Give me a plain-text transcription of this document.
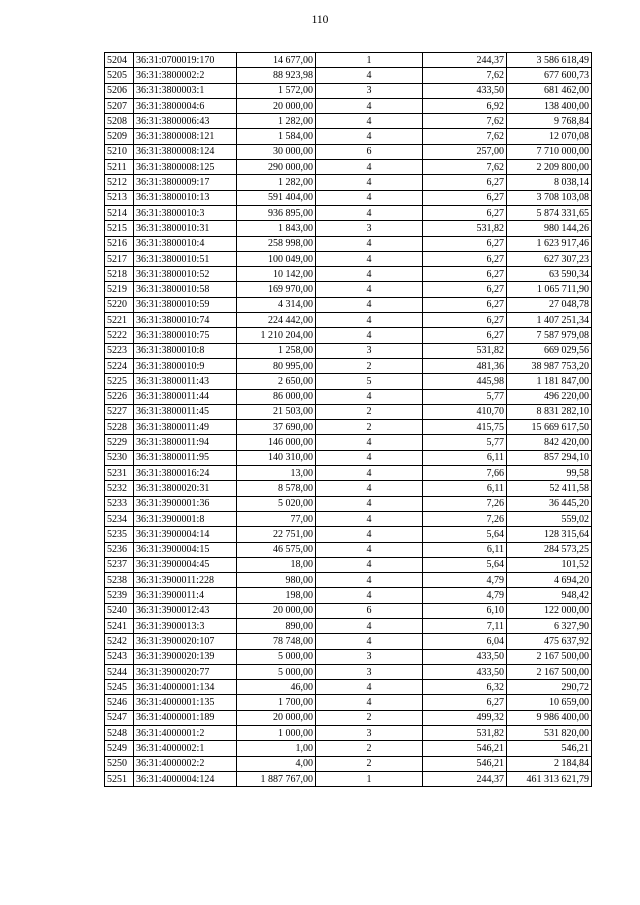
110
5204	36:31:0700019:170	14 677,00	1	244,37	3 586 618,49
5205	36:31:3800002:2	88 923,98	4	7,62	677 600,73
5206	36:31:3800003:1	1 572,00	3	433,50	681 462,00
5207	36:31:3800004:6	20 000,00	4	6,92	138 400,00
5208	36:31:3800006:43	1 282,00	4	7,62	9 768,84
5209	36:31:3800008:121	1 584,00	4	7,62	12 070,08
5210	36:31:3800008:124	30 000,00	6	257,00	7 710 000,00
5211	36:31:3800008:125	290 000,00	4	7,62	2 209 800,00
5212	36:31:3800009:17	1 282,00	4	6,27	8 038,14
5213	36:31:3800010:13	591 404,00	4	6,27	3 708 103,08
5214	36:31:3800010:3	936 895,00	4	6,27	5 874 331,65
5215	36:31:3800010:31	1 843,00	3	531,82	980 144,26
5216	36:31:3800010:4	258 998,00	4	6,27	1 623 917,46
5217	36:31:3800010:51	100 049,00	4	6,27	627 307,23
5218	36:31:3800010:52	10 142,00	4	6,27	63 590,34
5219	36:31:3800010:58	169 970,00	4	6,27	1 065 711,90
5220	36:31:3800010:59	4 314,00	4	6,27	27 048,78
5221	36:31:3800010:74	224 442,00	4	6,27	1 407 251,34
5222	36:31:3800010:75	1 210 204,00	4	6,27	7 587 979,08
5223	36:31:3800010:8	1 258,00	3	531,82	669 029,56
5224	36:31:3800010:9	80 995,00	2	481,36	38 987 753,20
5225	36:31:3800011:43	2 650,00	5	445,98	1 181 847,00
5226	36:31:3800011:44	86 000,00	4	5,77	496 220,00
5227	36:31:3800011:45	21 503,00	2	410,70	8 831 282,10
5228	36:31:3800011:49	37 690,00	2	415,75	15 669 617,50
5229	36:31:3800011:94	146 000,00	4	5,77	842 420,00
5230	36:31:3800011:95	140 310,00	4	6,11	857 294,10
5231	36:31:3800016:24	13,00	4	7,66	99,58
5232	36:31:3800020:31	8 578,00	4	6,11	52 411,58
5233	36:31:3900001:36	5 020,00	4	7,26	36 445,20
5234	36:31:3900001:8	77,00	4	7,26	559,02
5235	36:31:3900004:14	22 751,00	4	5,64	128 315,64
5236	36:31:3900004:15	46 575,00	4	6,11	284 573,25
5237	36:31:3900004:45	18,00	4	5,64	101,52
5238	36:31:3900011:228	980,00	4	4,79	4 694,20
5239	36:31:3900011:4	198,00	4	4,79	948,42
5240	36:31:3900012:43	20 000,00	6	6,10	122 000,00
5241	36:31:3900013:3	890,00	4	7,11	6 327,90
5242	36:31:3900020:107	78 748,00	4	6,04	475 637,92
5243	36:31:3900020:139	5 000,00	3	433,50	2 167 500,00
5244	36:31:3900020:77	5 000,00	3	433,50	2 167 500,00
5245	36:31:4000001:134	46,00	4	6,32	290,72
5246	36:31:4000001:135	1 700,00	4	6,27	10 659,00
5247	36:31:4000001:189	20 000,00	2	499,32	9 986 400,00
5248	36:31:4000001:2	1 000,00	3	531,82	531 820,00
5249	36:31:4000002:1	1,00	2	546,21	546,21
5250	36:31:4000002:2	4,00	2	546,21	2 184,84
5251	36:31:4000004:124	1 887 767,00	1	244,37	461 313 621,79
